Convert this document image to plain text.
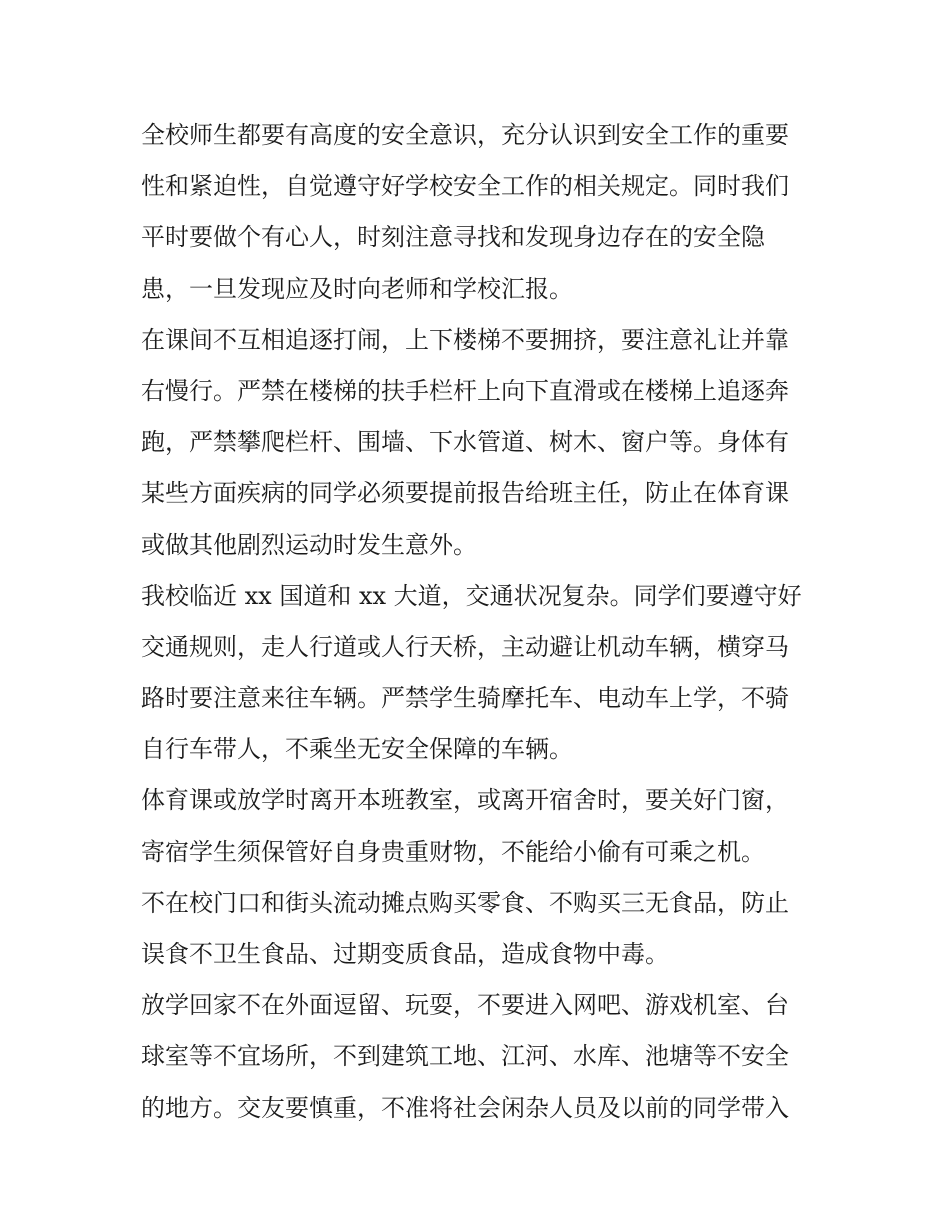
全校师生都要有高度的安全意识，充分认识到安全工作的重要
性和紧迫性，自觉遵守好学校安全工作的相关规定。同时我们
平时要做个有心人，时刻注意寻找和发现身边存在的安全隐
患，一旦发现应及时向老师和学校汇报。
在课间不互相追逐打闹，上下楼梯不要拥挤，要注意礼让并靠
右慢行。严禁在楼梯的扶手栏杆上向下直滑或在楼梯上追逐奔
跑，严禁攀爬栏杆、围墙、下水管道、树木、窗户等。身体有
某些方面疾病的同学必须要提前报告给班主任，防止在体育课
或做其他剧烈运动时发生意外。
我校临近 xx 国道和 xx 大道，交通状况复杂。同学们要遵守好
交通规则，走人行道或人行天桥，主动避让机动车辆，横穿马
路时要注意来往车辆。严禁学生骑摩托车、电动车上学，不骑
自行车带人，不乘坐无安全保障的车辆。
体育课或放学时离开本班教室，或离开宿舍时，要关好门窗，
寄宿学生须保管好自身贵重财物，不能给小偷有可乘之机。
不在校门口和街头流动摊点购买零食、不购买三无食品，防止
误食不卫生食品、过期变质食品，造成食物中毒。
放学回家不在外面逗留、玩耍，不要进入网吧、游戏机室、台
球室等不宜场所，不到建筑工地、江河、水库、池塘等不安全
的地方。交友要慎重，不准将社会闲杂人员及以前的同学带入
